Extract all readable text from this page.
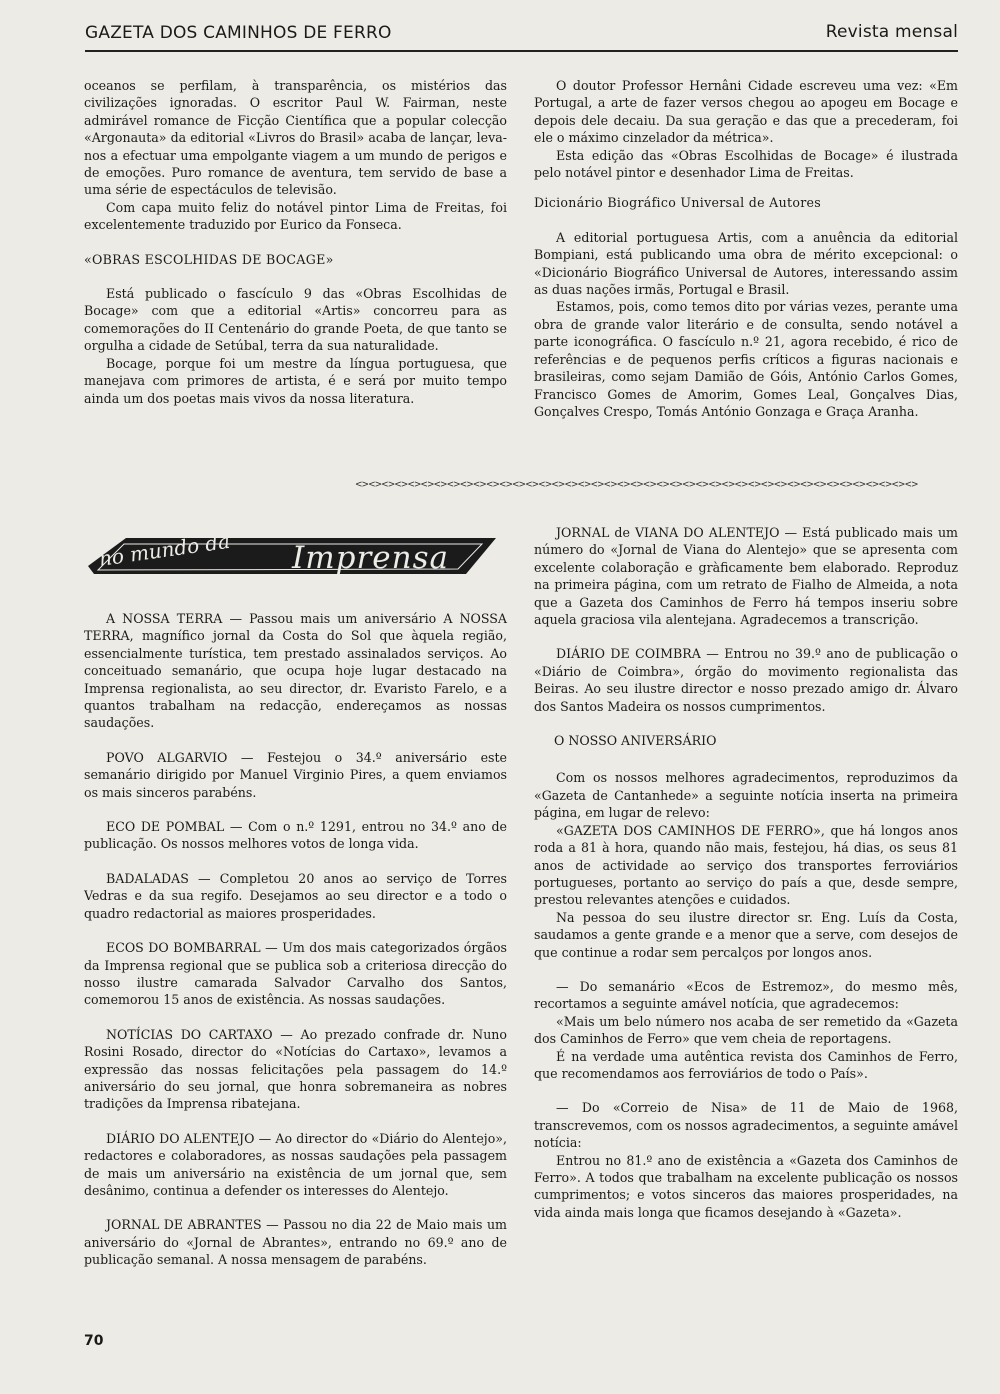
GAZETA DOS CAMINHOS DE FERRO	Revista mensal

oceanos se perfilam, à transparência, os mistérios das civilizações ignoradas. O escritor Paul W. Fairman, neste admirável romance de Ficção Científica que a popular colecção «Argonauta» da editorial «Livros do Brasil» acaba de lançar, leva-nos a efectuar uma empolgante viagem a um mundo de perigos e de emoções. Puro romance de aventura, tem servido de base a uma série de espectáculos de televisão.

Com capa muito feliz do notável pintor Lima de Freitas, foi excelentemente traduzido por Eurico da Fonseca.

«OBRAS ESCOLHIDAS DE BOCAGE»

Está publicado o fascículo 9 das «Obras Escolhidas de Bocage» com que a editorial «Artis» concorreu para as comemorações do II Centenário do grande Poeta, de que tanto se orgulha a cidade de Setúbal, terra da sua naturalidade.

Bocage, porque foi um mestre da língua portuguesa, que manejava com primores de artista, é e será por muito tempo ainda um dos poetas mais vivos da nossa literatura.

O doutor Professor Hernâni Cidade escreveu uma vez: «Em Portugal, a arte de fazer versos chegou ao apogeu em Bocage e depois dele decaiu. Da sua geração e das que a precederam, foi ele o máximo cinzelador da métrica».

Esta edição das «Obras Escolhidas de Bocage» é ilustrada pelo notável pintor e desenhador Lima de Freitas.

Dicionário Biográfico Universal de Autores

A editorial portuguesa Artis, com a anuência da editorial Bompiani, está publicando uma obra de mérito excepcional: o «Dicionário Biográfico Universal de Autores, interessando assim as duas nações irmãs, Portugal e Brasil.

Estamos, pois, como temos dito por várias vezes, perante uma obra de grande valor literário e de consulta, sendo notável a parte iconográfica. O fascículo n.º 21, agora recebido, é rico de referências e de pequenos perfis críticos a figuras nacionais e brasileiras, como sejam Damião de Góis, António Carlos Gomes, Francisco Gomes de Amorim, Gomes Leal, Gonçalves Dias, Gonçalves Crespo, Tomás António Gonzaga e Graça Aranha.

<><><><><><><><><><><><><><><><><><><><><><><><><><><><><><><><><><><><><><><><><><><>
no mundo da Imprensa

A NOSSA TERRA — Passou mais um aniversário A NOSSA TERRA, magnífico jornal da Costa do Sol que àquela região, essencialmente turística, tem prestado assinalados serviços. Ao conceituado semanário, que ocupa hoje lugar destacado na Imprensa regionalista, ao seu director, dr. Evaristo Farelo, e a quantos trabalham na redacção, endereçamos as nossas saudações.

POVO ALGARVIO — Festejou o 34.º aniversário este semanário dirigido por Manuel Virginio Pires, a quem enviamos os mais sinceros parabéns.

ECO DE POMBAL — Com o n.º 1291, entrou no 34.º ano de publicação. Os nossos melhores votos de longa vida.

BADALADAS — Completou 20 anos ao serviço de Torres Vedras e da sua regifo. Desejamos ao seu director e a todo o quadro redactorial as maiores prosperidades.

ECOS DO BOMBARRAL — Um dos mais categorizados órgãos da Imprensa regional que se publica sob a criteriosa direcção do nosso ilustre camarada Salvador Carvalho dos Santos, comemorou 15 anos de existência. As nossas saudações.

NOTÍCIAS DO CARTAXO — Ao prezado confrade dr. Nuno Rosini Rosado, director do «Notícias do Cartaxo», levamos a expressão das nossas felicitações pela passagem do 14.º aniversário do seu jornal, que honra sobremaneira as nobres tradições da Imprensa ribatejana.

DIÁRIO DO ALENTEJO — Ao director do «Diário do Alentejo», redactores e colaboradores, as nossas saudações pela passagem de mais um aniversário na existência de um jornal que, sem desânimo, continua a defender os interesses do Alentejo.

JORNAL DE ABRANTES — Passou no dia 22 de Maio mais um aniversário do «Jornal de Abrantes», entrando no 69.º ano de publicação semanal. A nossa mensagem de parabéns.

JORNAL de VIANA DO ALENTEJO — Está publicado mais um número do «Jornal de Viana do Alentejo» que se apresenta com excelente colaboração e gràficamente bem elaborado. Reproduz na primeira página, com um retrato de Fialho de Almeida, a nota que a Gazeta dos Caminhos de Ferro há tempos inseriu sobre aquela graciosa vila alentejana. Agradecemos a transcrição.

DIÁRIO DE COIMBRA — Entrou no 39.º ano de publicação o «Diário de Coimbra», órgão do movimento regionalista das Beiras. Ao seu ilustre director e nosso prezado amigo dr. Álvaro dos Santos Madeira os nossos cumprimentos.

O NOSSO ANIVERSÁRIO

Com os nossos melhores agradecimentos, reproduzimos da «Gazeta de Cantanhede» a seguinte notícia inserta na primeira página, em lugar de relevo:

«GAZETA DOS CAMINHOS DE FERRO», que há longos anos roda a 81 à hora, quando não mais, festejou, há dias, os seus 81 anos de actividade ao serviço dos transportes ferroviários portugueses, portanto ao serviço do país a que, desde sempre, prestou relevantes atenções e cuidados.

Na pessoa do seu ilustre director sr. Eng. Luís da Costa, saudamos a gente grande e a menor que a serve, com desejos de que continue a rodar sem percalços por longos anos.

— Do semanário «Ecos de Estremoz», do mesmo mês, recortamos a seguinte amável notícia, que agradecemos:

«Mais um belo número nos acaba de ser remetido da «Gazeta dos Caminhos de Ferro» que vem cheia de reportagens.

É na verdade uma autêntica revista dos Caminhos de Ferro, que recomendamos aos ferroviários de todo o País».

— Do «Correio de Nisa» de 11 de Maio de 1968, transcrevemos, com os nossos agradecimentos, a seguinte amável notícia:

Entrou no 81.º ano de existência a «Gazeta dos Caminhos de Ferro». A todos que trabalham na excelente publicação os nossos cumprimentos; e votos sinceros das maiores prosperidades, na vida ainda mais longa que ficamos desejando à «Gazeta».

70
